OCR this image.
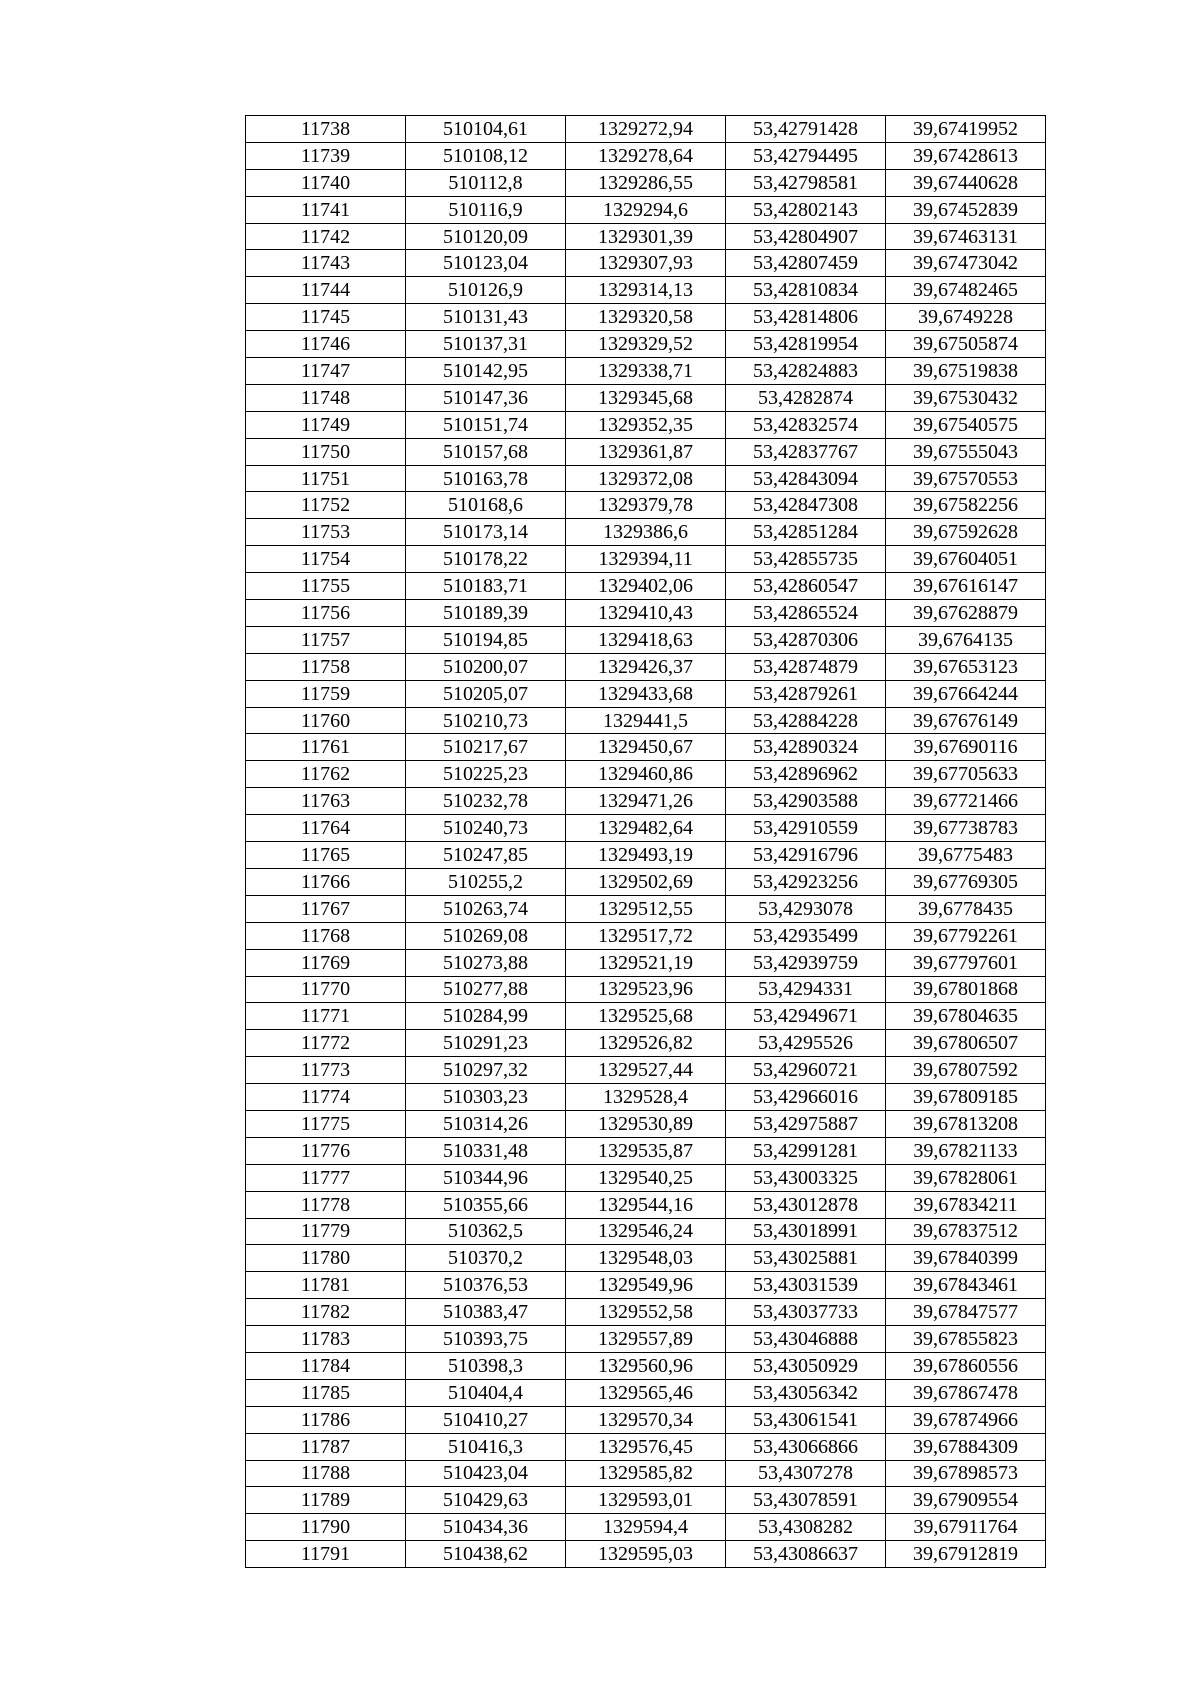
11738	510104,61	1329272,94	53,42791428	39,67419952
11739	510108,12	1329278,64	53,42794495	39,67428613
11740	510112,8	1329286,55	53,42798581	39,67440628
11741	510116,9	1329294,6	53,42802143	39,67452839
11742	510120,09	1329301,39	53,42804907	39,67463131
11743	510123,04	1329307,93	53,42807459	39,67473042
11744	510126,9	1329314,13	53,42810834	39,67482465
11745	510131,43	1329320,58	53,42814806	39,6749228
11746	510137,31	1329329,52	53,42819954	39,67505874
11747	510142,95	1329338,71	53,42824883	39,67519838
11748	510147,36	1329345,68	53,4282874	39,67530432
11749	510151,74	1329352,35	53,42832574	39,67540575
11750	510157,68	1329361,87	53,42837767	39,67555043
11751	510163,78	1329372,08	53,42843094	39,67570553
11752	510168,6	1329379,78	53,42847308	39,67582256
11753	510173,14	1329386,6	53,42851284	39,67592628
11754	510178,22	1329394,11	53,42855735	39,67604051
11755	510183,71	1329402,06	53,42860547	39,67616147
11756	510189,39	1329410,43	53,42865524	39,67628879
11757	510194,85	1329418,63	53,42870306	39,6764135
11758	510200,07	1329426,37	53,42874879	39,67653123
11759	510205,07	1329433,68	53,42879261	39,67664244
11760	510210,73	1329441,5	53,42884228	39,67676149
11761	510217,67	1329450,67	53,42890324	39,67690116
11762	510225,23	1329460,86	53,42896962	39,67705633
11763	510232,78	1329471,26	53,42903588	39,67721466
11764	510240,73	1329482,64	53,42910559	39,67738783
11765	510247,85	1329493,19	53,42916796	39,6775483
11766	510255,2	1329502,69	53,42923256	39,67769305
11767	510263,74	1329512,55	53,4293078	39,6778435
11768	510269,08	1329517,72	53,42935499	39,67792261
11769	510273,88	1329521,19	53,42939759	39,67797601
11770	510277,88	1329523,96	53,4294331	39,67801868
11771	510284,99	1329525,68	53,42949671	39,67804635
11772	510291,23	1329526,82	53,4295526	39,67806507
11773	510297,32	1329527,44	53,42960721	39,67807592
11774	510303,23	1329528,4	53,42966016	39,67809185
11775	510314,26	1329530,89	53,42975887	39,67813208
11776	510331,48	1329535,87	53,42991281	39,67821133
11777	510344,96	1329540,25	53,43003325	39,67828061
11778	510355,66	1329544,16	53,43012878	39,67834211
11779	510362,5	1329546,24	53,43018991	39,67837512
11780	510370,2	1329548,03	53,43025881	39,67840399
11781	510376,53	1329549,96	53,43031539	39,67843461
11782	510383,47	1329552,58	53,43037733	39,67847577
11783	510393,75	1329557,89	53,43046888	39,67855823
11784	510398,3	1329560,96	53,43050929	39,67860556
11785	510404,4	1329565,46	53,43056342	39,67867478
11786	510410,27	1329570,34	53,43061541	39,67874966
11787	510416,3	1329576,45	53,43066866	39,67884309
11788	510423,04	1329585,82	53,4307278	39,67898573
11789	510429,63	1329593,01	53,43078591	39,67909554
11790	510434,36	1329594,4	53,4308282	39,67911764
11791	510438,62	1329595,03	53,43086637	39,67912819
